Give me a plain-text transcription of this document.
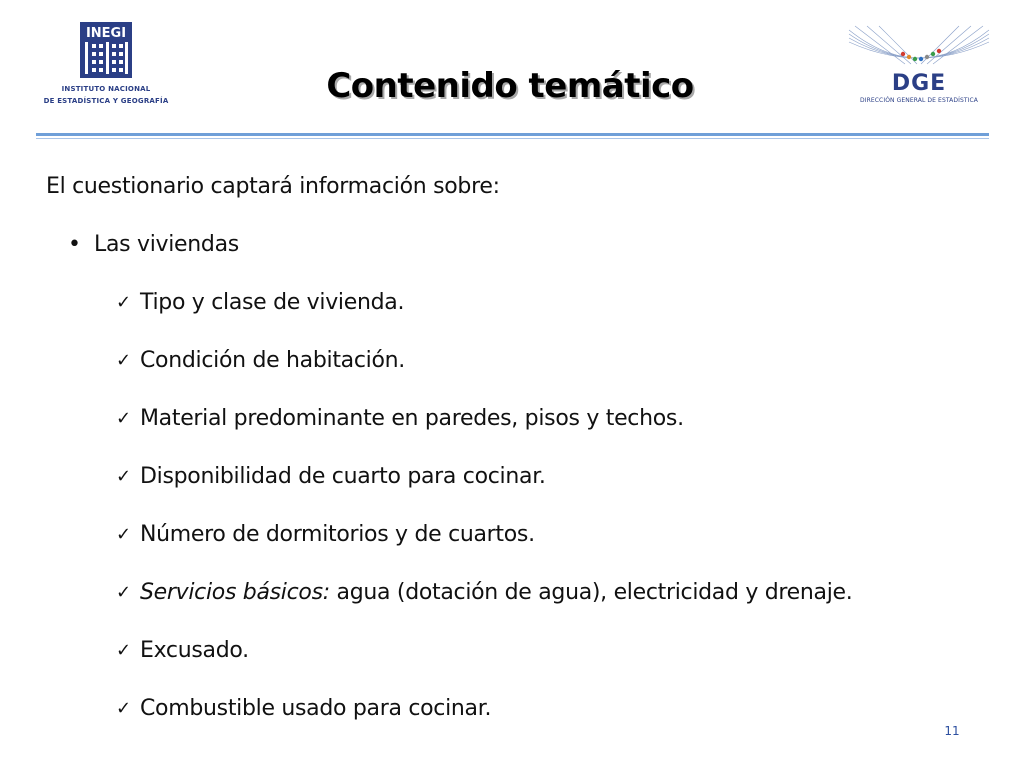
INEGI
INSTITUTO NACIONAL
DE ESTADÍSTICA Y GEOGRAFÍA	Contenido temático	DGE
DIRECCIÓN GENERAL DE ESTADÍSTICA

El cuestionario captará información sobre:

• Las viviendas
✓ Tipo y clase de vivienda.
✓ Condición de habitación.
✓ Material predominante en paredes, pisos y techos.
✓ Disponibilidad de cuarto para cocinar.
✓ Número de dormitorios y de cuartos.
✓ Servicios básicos: agua (dotación de agua), electricidad y drenaje.
✓ Excusado.
✓ Combustible usado para cocinar.
11
